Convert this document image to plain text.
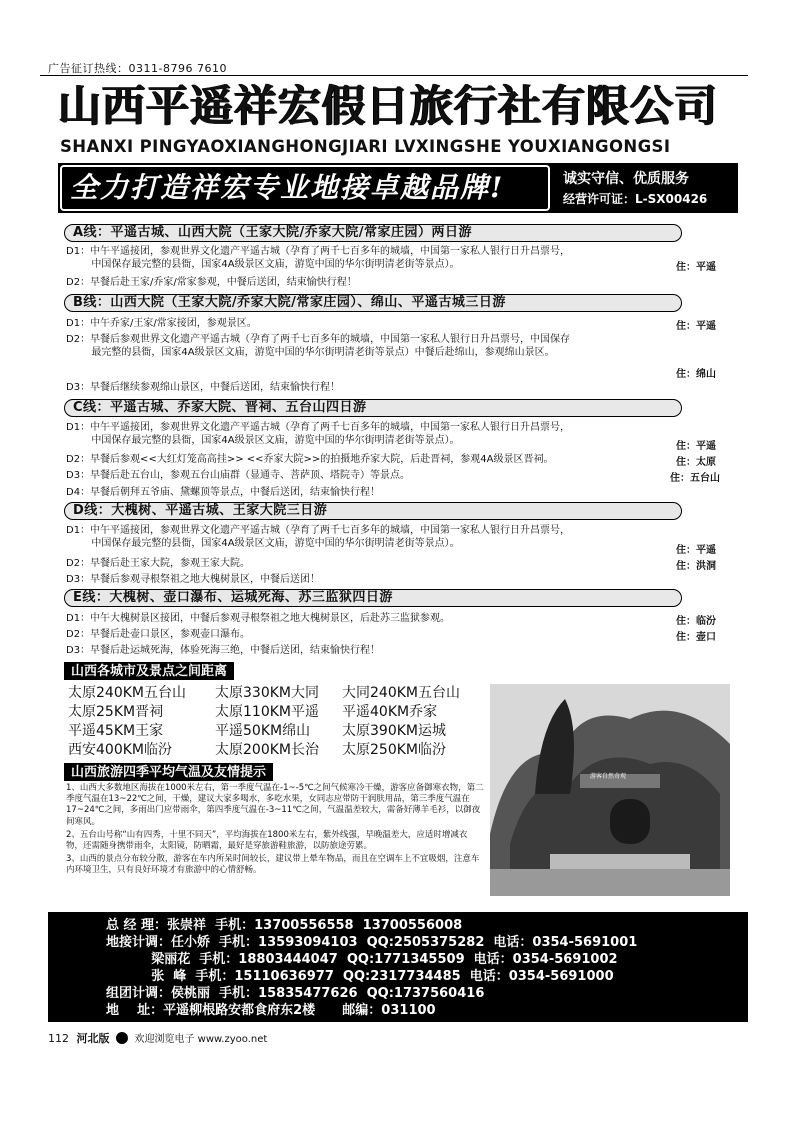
广告征订热线：0311-8796 7610
山西平遥祥宏假日旅行社有限公司
SHANXI PINGYAOXIANGHONGJIARI LVXINGSHE YOUXIANGONGSI
全力打造祥宏专业地接卓越品牌!	诚实守信、优质服务
经营许可证：L-SX00426
A线：平遥古城、山西大院（王家大院/乔家大院/常家庄园）两日游
D1：中午平遥接团，参观世界文化遗产平遥古城（孕育了两千七百多年的城墙，中国第一家私人银行日升昌票号，
中国保存最完整的县衙，国家4A级景区文庙，游览中国的华尔街明清老街等景点）。	住：平遥
D2：早餐后赴王家/乔家/常家参观，中餐后送团，结束愉快行程！
B线：山西大院（王家大院/乔家大院/常家庄园）、绵山、平遥古城三日游
D1：中午乔家/王家/常家接团，参观景区。	住：平遥
D2：早餐后参观世界文化遗产平遥古城（孕育了两千七百多年的城墙，中国第一家私人银行日升昌票号，中国保存
最完整的县衙，国家4A级景区文庙，游览中国的华尔街明清老街等景点）中餐后赴绵山，参观绵山景区。
住：绵山
D3：早餐后继续参观绵山景区，中餐后送团，结束愉快行程！
C线：平遥古城、乔家大院、晋祠、五台山四日游
D1：中午平遥接团，参观世界文化遗产平遥古城（孕育了两千七百多年的城墙，中国第一家私人银行日升昌票号，
中国保存最完整的县衙，国家4A级景区文庙，游览中国的华尔街明清老街等景点）。
住：平遥
D2：早餐后参观<<大红灯笼高高挂>> <<乔家大院>>的拍摄地乔家大院，后赴晋祠，参观4A级景区晋祠。	住：太原
D3：早餐后赴五台山，参观五台山庙群（显通寺、菩萨顶、塔院寺）等景点。	住：五台山
D4：早餐后朝拜五爷庙、黛螺顶等景点，中餐后送团，结束愉快行程！
D线：大槐树、平遥古城、王家大院三日游
D1：中午平遥接团，参观世界文化遗产平遥古城（孕育了两千七百多年的城墙，中国第一家私人银行日升昌票号，
中国保存最完整的县衙，国家4A级景区文庙，游览中国的华尔街明清老街等景点）。
住：平遥
D2：早餐后赴王家大院，参观王家大院。	住：洪洞
D3：早餐后参观寻根祭祖之地大槐树景区，中餐后送团！
E线：大槐树、壶口瀑布、运城死海、苏三监狱四日游
D1：中午大槐树景区接团，中餐后参观寻根祭祖之地大槐树景区，后赴苏三监狱参观。	住：临汾
D2：早餐后赴壶口景区，参观壶口瀑布。	住：壶口
D3：早餐后赴运城死海，体验死海三绝，中餐后送团，结束愉快行程！
山西各城市及景点之间距离
太原240KM五台山 太原330KM大同 大同240KM五台山
太原25KM晋祠	太原110KM平遥 平遥40KM乔家
平遥45KM王家	平遥50KM绵山 太原390KM运城
西安400KM临汾	太原200KM长治 太原250KM临汾
山西旅游四季平均气温及友情提示

1、山西大多数地区海拔在1000米左右，第一季度气温在-1~-5℃之间气候寒冷干燥，游客应备御寒衣物，第二季度气温在13~22℃之间，干燥，建议大家多喝水，多吃水果，女同志应带防干润肤用品，第三季度气温在17~24℃之间，多雨出门应带雨伞，第四季度气温在-3~11℃之间，气温温差较大，需备好薄羊毛衫，以御夜间寒风。

2、五台山号称“山有四秀，十里不同天”，平均海拔在1800米左右，紫外线强，早晚温差大，应适时增减衣物，还需随身携带雨伞，太阳镜，防晒霜，最好是穿旅游鞋旅游，以防旅途劳累。

3、山西的景点分布较分散，游客在车内所呆时间较长，建议带上晕车物品，而且在空调车上不宜吸烟，注意车内环境卫生，只有良好环境才有旅游中的心情舒畅。

游客自然奇观
总 经 理：张崇祥  手机：13700556558  13700556008
地接计调：任小娇  手机：13593094103  QQ:2505375282  电话：0354-5691001
梁丽花  手机：18803444047  QQ:1771345509  电话：0354-5691002
张  峰  手机：15110636977  QQ:2317734485  电话：0354-5691000
组团计调：侯桃丽  手机：15835477626  QQ:1737560416
地    址：平遥柳根路安都食府东2楼      邮编：031100
112 河北版	欢迎浏览电子 www.zyoo.net
